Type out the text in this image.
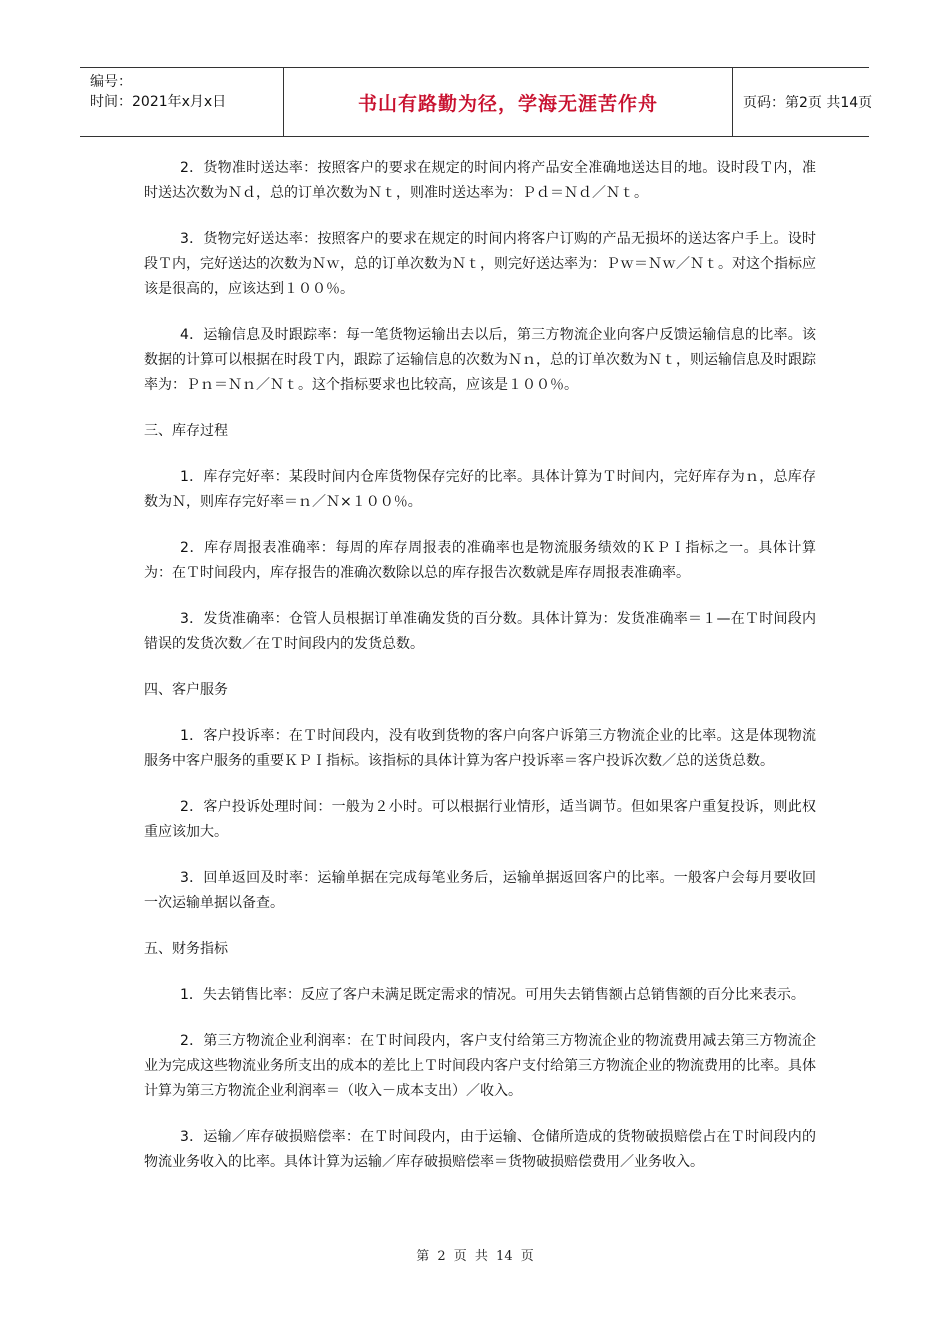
编号：
时间：2021年x月x日	书山有路勤为径，学海无涯苦作舟	页码：第2页 共14页
2．货物准时送达率：按照客户的要求在规定的时间内将产品安全准确地送达目的地。设时段Ｔ内，准时送达次数为Ｎｄ，总的订单次数为Ｎｔ，则准时送达率为：Ｐｄ＝Ｎｄ／Ｎｔ。
3．货物完好送达率：按照客户的要求在规定的时间内将客户订购的产品无损坏的送达客户手上。设时段Ｔ内，完好送达的次数为Ｎｗ，总的订单次数为Ｎｔ，则完好送达率为：Ｐｗ＝Ｎｗ／Ｎｔ。对这个指标应该是很高的，应该达到１００％。
4．运输信息及时跟踪率：每一笔货物运输出去以后，第三方物流企业向客户反馈运输信息的比率。该数据的计算可以根据在时段Ｔ内，跟踪了运输信息的次数为Ｎｎ，总的订单次数为Ｎｔ，则运输信息及时跟踪率为：Ｐｎ＝Ｎｎ／Ｎｔ。这个指标要求也比较高，应该是１００％。
三、库存过程
1．库存完好率：某段时间内仓库货物保存完好的比率。具体计算为Ｔ时间内，完好库存为ｎ，总库存数为Ｎ，则库存完好率＝ｎ／Ｎ×１００％。
2．库存周报表准确率：每周的库存周报表的准确率也是物流服务绩效的ＫＰＩ指标之一。具体计算为：在Ｔ时间段内，库存报告的准确次数除以总的库存报告次数就是库存周报表准确率。
3．发货准确率：仓管人员根据订单准确发货的百分数。具体计算为：发货准确率＝１—在Ｔ时间段内错误的发货次数／在Ｔ时间段内的发货总数。
四、客户服务
1．客户投诉率：在Ｔ时间段内，没有收到货物的客户向客户诉第三方物流企业的比率。这是体现物流服务中客户服务的重要ＫＰＩ指标。该指标的具体计算为客户投诉率＝客户投诉次数／总的送货总数。
2．客户投诉处理时间：一般为２小时。可以根据行业情形，适当调节。但如果客户重复投诉，则此权重应该加大。
3．回单返回及时率：运输单据在完成每笔业务后，运输单据返回客户的比率。一般客户会每月要收回一次运输单据以备查。
五、财务指标
1．失去销售比率：反应了客户未满足既定需求的情况。可用失去销售额占总销售额的百分比来表示。
2．第三方物流企业利润率：在Ｔ时间段内，客户支付给第三方物流企业的物流费用减去第三方物流企业为完成这些物流业务所支出的成本的差比上Ｔ时间段内客户支付给第三方物流企业的物流费用的比率。具体计算为第三方物流企业利润率＝（收入－成本支出）／收入。
3．运输／库存破损赔偿率：在Ｔ时间段内，由于运输、仓储所造成的货物破损赔偿占在Ｔ时间段内的物流业务收入的比率。具体计算为运输／库存破损赔偿率＝货物破损赔偿费用／业务收入。
第 2 页 共 14 页
